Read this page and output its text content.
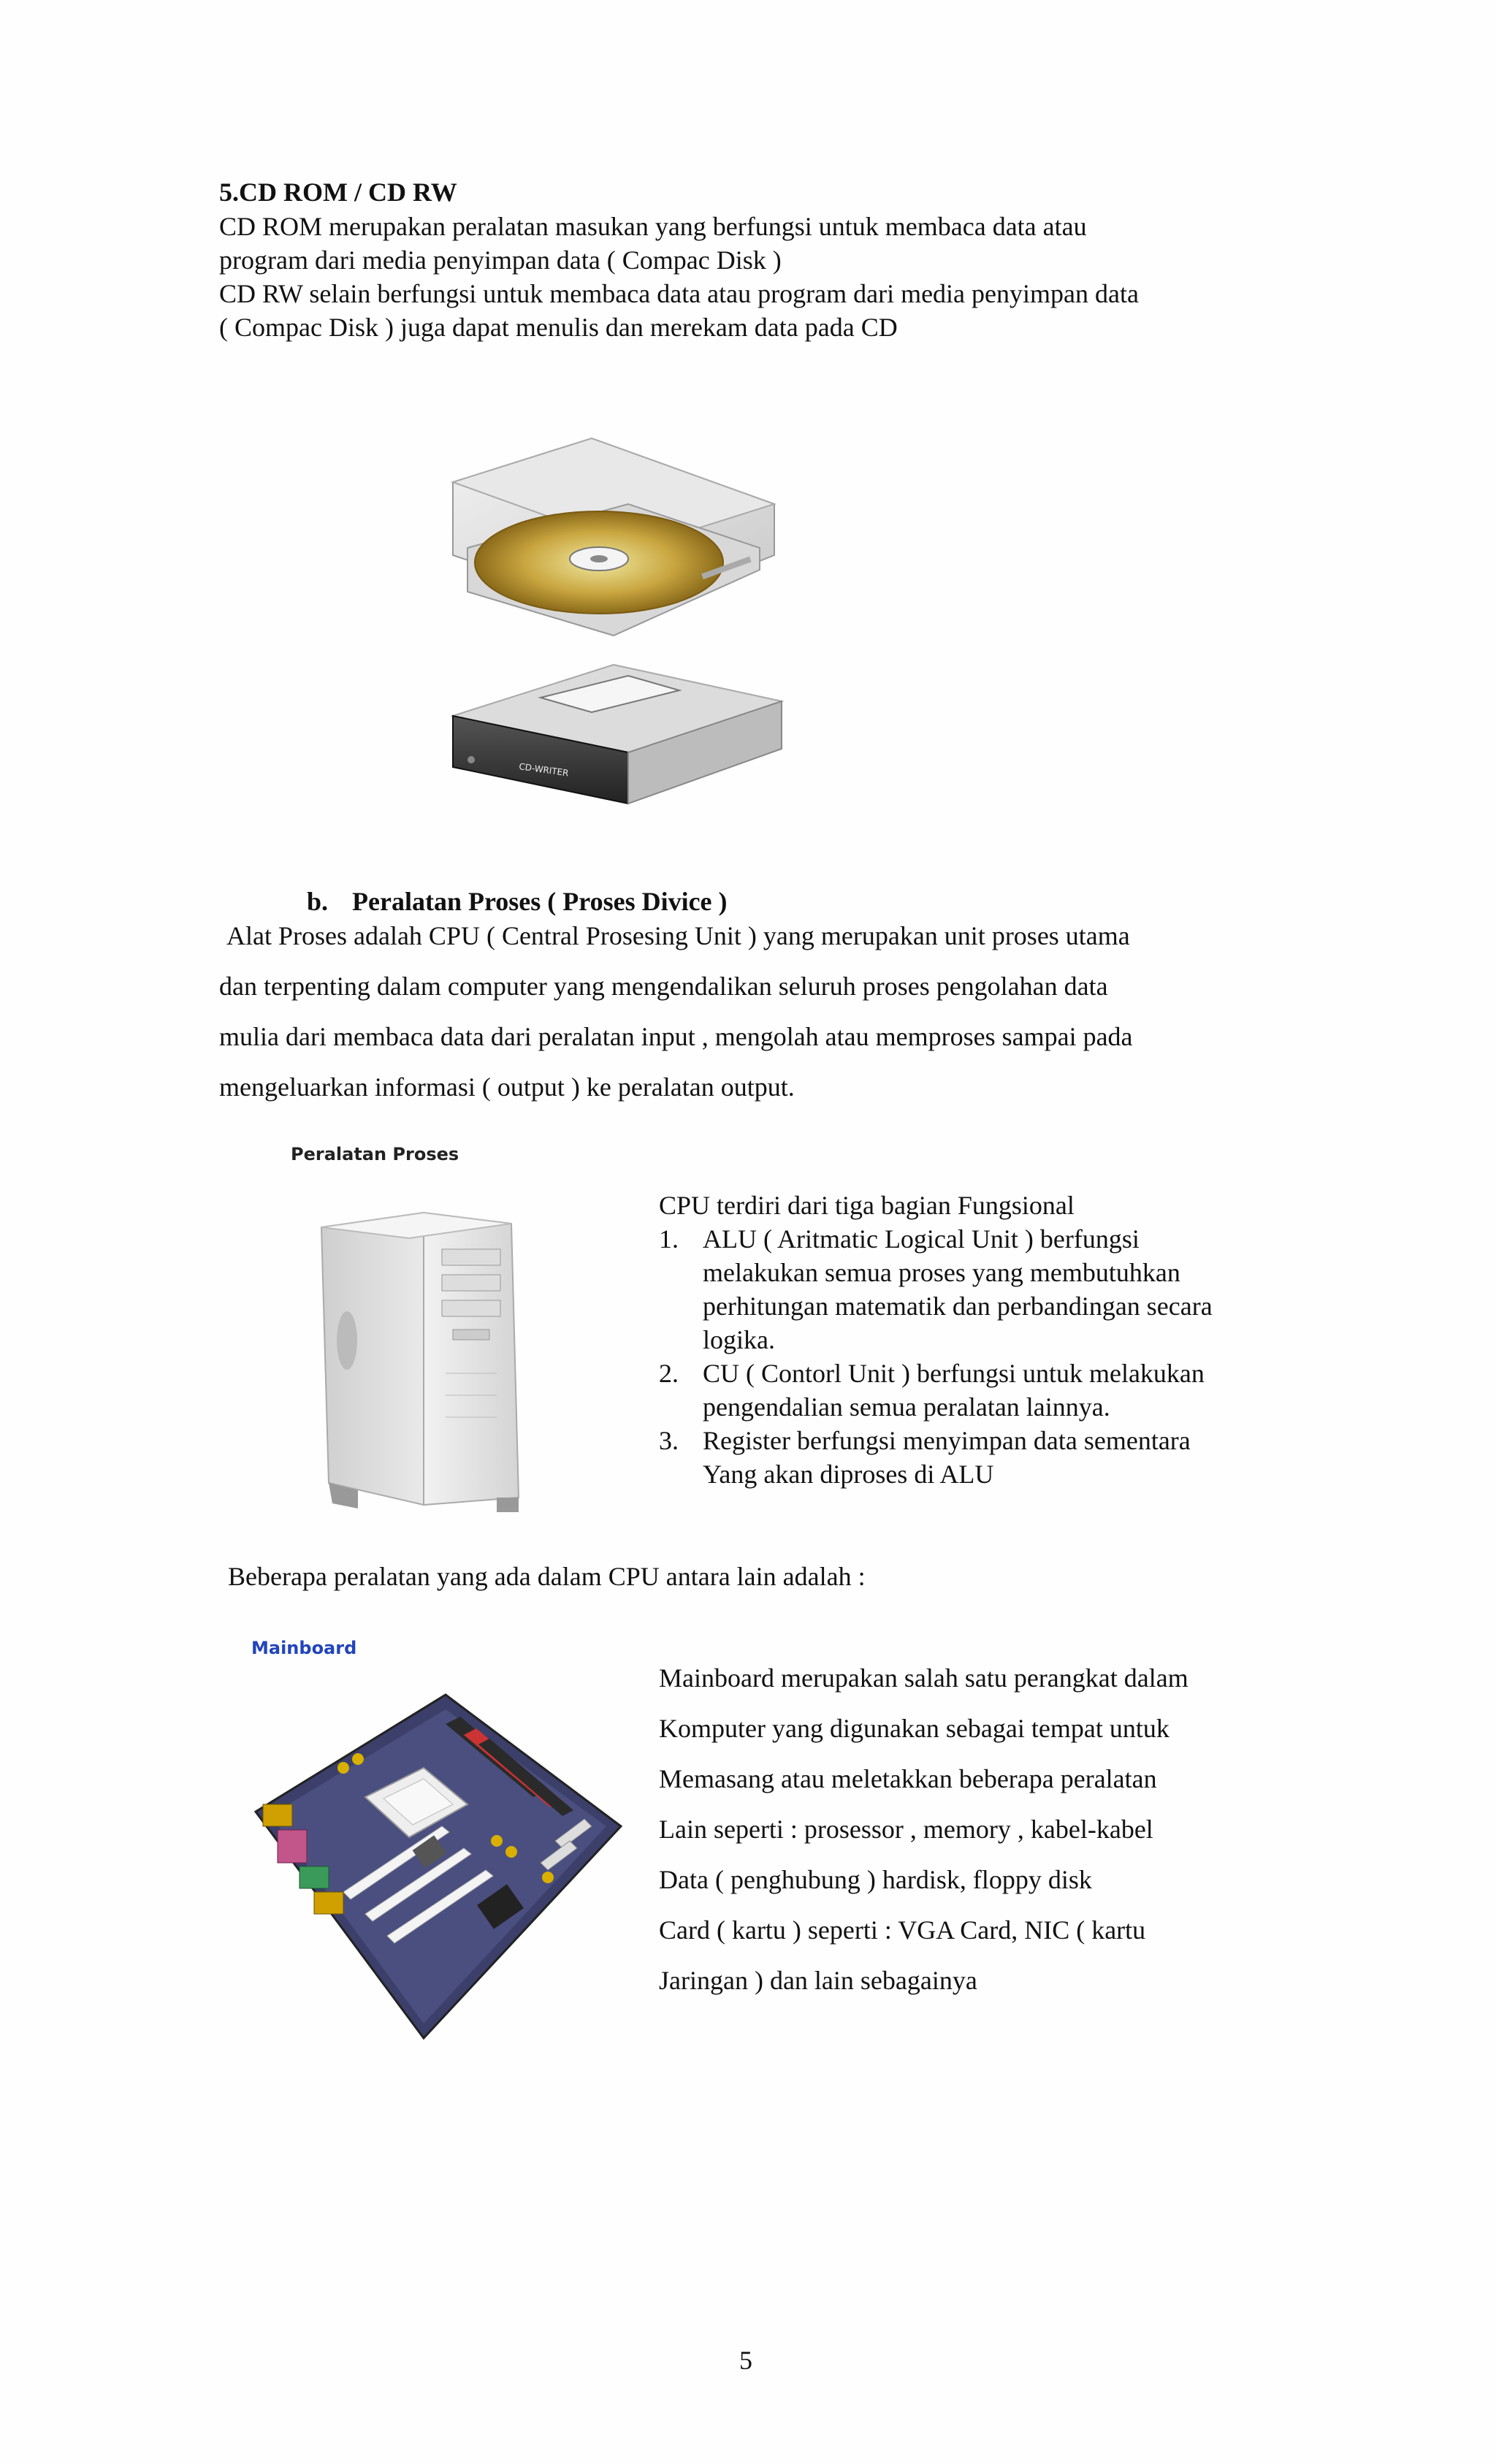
5.CD ROM / CD RW
CD ROM merupakan peralatan masukan yang berfungsi untuk membaca data atau
program dari media penyimpan data ( Compac Disk )
CD RW selain berfungsi untuk membaca data atau program dari media penyimpan data
( Compac Disk ) juga dapat menulis dan merekam data pada CD
CD-WRITER
b. Peralatan Proses ( Proses Divice )
Alat Proses adalah CPU ( Central Prosesing Unit ) yang merupakan unit proses utama
dan terpenting dalam computer yang mengendalikan seluruh proses pengolahan data
mulia dari membaca data dari peralatan input , mengolah atau memproses sampai pada
mengeluarkan informasi ( output ) ke peralatan output.
Peralatan Proses
CPU terdiri dari tiga bagian Fungsional
1. ALU ( Aritmatic Logical Unit ) berfungsi
melakukan semua proses yang membutuhkan
perhitungan matematik dan perbandingan secara
logika.
2. CU ( Contorl Unit ) berfungsi untuk melakukan
pengendalian semua peralatan lainnya.
3. Register berfungsi menyimpan data sementara
Yang akan diproses di ALU
Beberapa peralatan yang ada dalam CPU antara lain adalah :
Mainboard
Mainboard merupakan salah satu perangkat dalam
Komputer yang digunakan sebagai tempat untuk
Memasang atau meletakkan beberapa peralatan
Lain seperti : prosessor , memory , kabel-kabel
Data ( penghubung ) hardisk, floppy disk
Card ( kartu ) seperti : VGA Card, NIC ( kartu
Jaringan ) dan lain sebagainya
5
